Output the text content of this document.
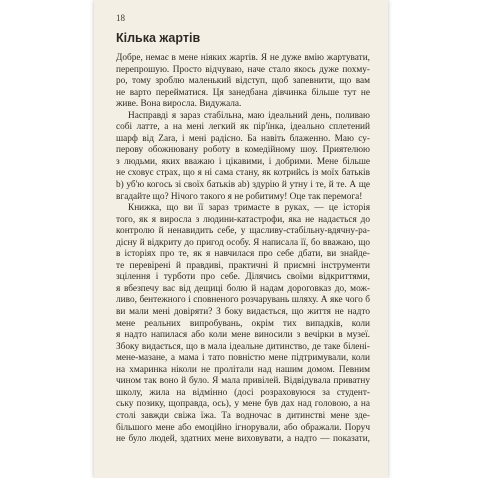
18
Кілька жартів
Добре, немає в мене ніяких жартів. Я не дуже вмію жартувати,
перепрошую. Просто відчуваю, наче стало якось дуже похму-
ро, тому зроблю маленький відступ, щоб запевнити, що вам
не варто перейматися. Ця занедбана дівчинка більше тут не
живе. Вона виросла. Видужала.
Насправді я зараз стабільна, маю ідеальний день, поливаю
собі латте, а на мені легкий як пір'їнка, ідеально сплетений
шарф від Zara, і мені радісно. Ба навіть блаженно. Маю су-
перову обожнювану роботу в комедійному шоу. Приятелюю
з людьми, яких вважаю і цікавими, і добрими. Мене більше
не сховує страх, що я ні сама стану, як котрийсь із моїх батьків
b) уб'ю когось зі своїх батьків ab) здурію й утну і те, й те. А ще
вгадайте що? Нічого такого я не робитиму! Оце так перемога!
Книжка, що ви її зараз тримаєте в руках, — це історія
того, як я виросла з людини-катастрофи, яка не надається до
контролю й ненавидить себе, у щасливу-стабільну-вдячну-ра-
діснy й відкриту до пригод особу. Я написала її, бо вважаю, що
в історіях про те, як я навчилася про себе дбати, ви знайде-
те перевірені й правдиві, практичні й приємні інструменти
зцілення і турботи про себе. Ділячись своїми відкриттями,
я вбезпечу вас від дещиці болю й надам дороговказ до, мож-
ливо, бентежного і сповненого розчарувань шляху. А яке чого б
ви мали мені довіряти? З боку видається, що життя не надто
мене реальних випробувань, окрім тих випадків, коли
я надто напилася або коли мене виносили з вечірки в музеї.
Збоку видається, що в мала ідеальне дитинство, де таке білені-
мене-мазане, а мама і тато повністю мене підтримували, коли
на хмаринка ніколи не пролітали над нашим домом. Певним
чином так воно й було. Я мала привілей. Відвідувала приватну
школу, жила на відмінно (досі розраховуюся за студент-
ську позику, щоправда, ось), у мене був дах над головою, а на
столі завжди свіжа їжа. Та водночас в дитинстві мене здe-
більшого мене або емоційно ігнорували, або ображали. Поруч
не було людей, здатних мене виховувати, а надто — показати,
